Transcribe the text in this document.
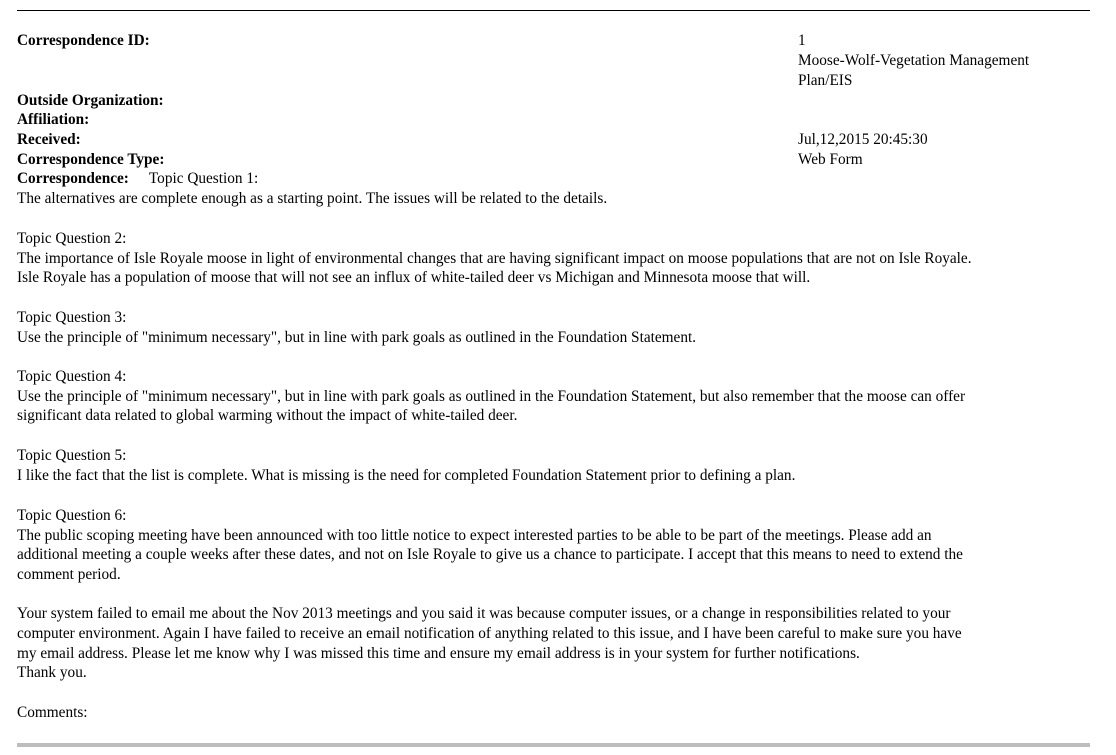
Correspondence ID:	1
Moose-Wolf-Vegetation Management
Plan/EIS
Outside Organization:
Affiliation:
Received:	Jul,12,2015 20:45:30
Correspondence Type:	Web Form
Correspondence: Topic Question 1:
The alternatives are complete enough as a starting point. The issues will be related to the details.
Topic Question 2:
The importance of Isle Royale moose in light of environmental changes that are having significant impact on moose populations that are not on Isle Royale.
Isle Royale has a population of moose that will not see an influx of white-tailed deer vs Michigan and Minnesota moose that will.
Topic Question 3:
Use the principle of "minimum necessary", but in line with park goals as outlined in the Foundation Statement.
Topic Question 4:
Use the principle of "minimum necessary", but in line with park goals as outlined in the Foundation Statement, but also remember that the moose can offer
significant data related to global warming without the impact of white-tailed deer.
Topic Question 5:
I like the fact that the list is complete. What is missing is the need for completed Foundation Statement prior to defining a plan.
Topic Question 6:
The public scoping meeting have been announced with too little notice to expect interested parties to be able to be part of the meetings. Please add an
additional meeting a couple weeks after these dates, and not on Isle Royale to give us a chance to participate. I accept that this means to need to extend the
comment period.
Your system failed to email me about the Nov 2013 meetings and you said it was because computer issues, or a change in responsibilities related to your
computer environment. Again I have failed to receive an email notification of anything related to this issue, and I have been careful to make sure you have
my email address. Please let me know why I was missed this time and ensure my email address is in your system for further notifications.
Thank you.
Comments:
